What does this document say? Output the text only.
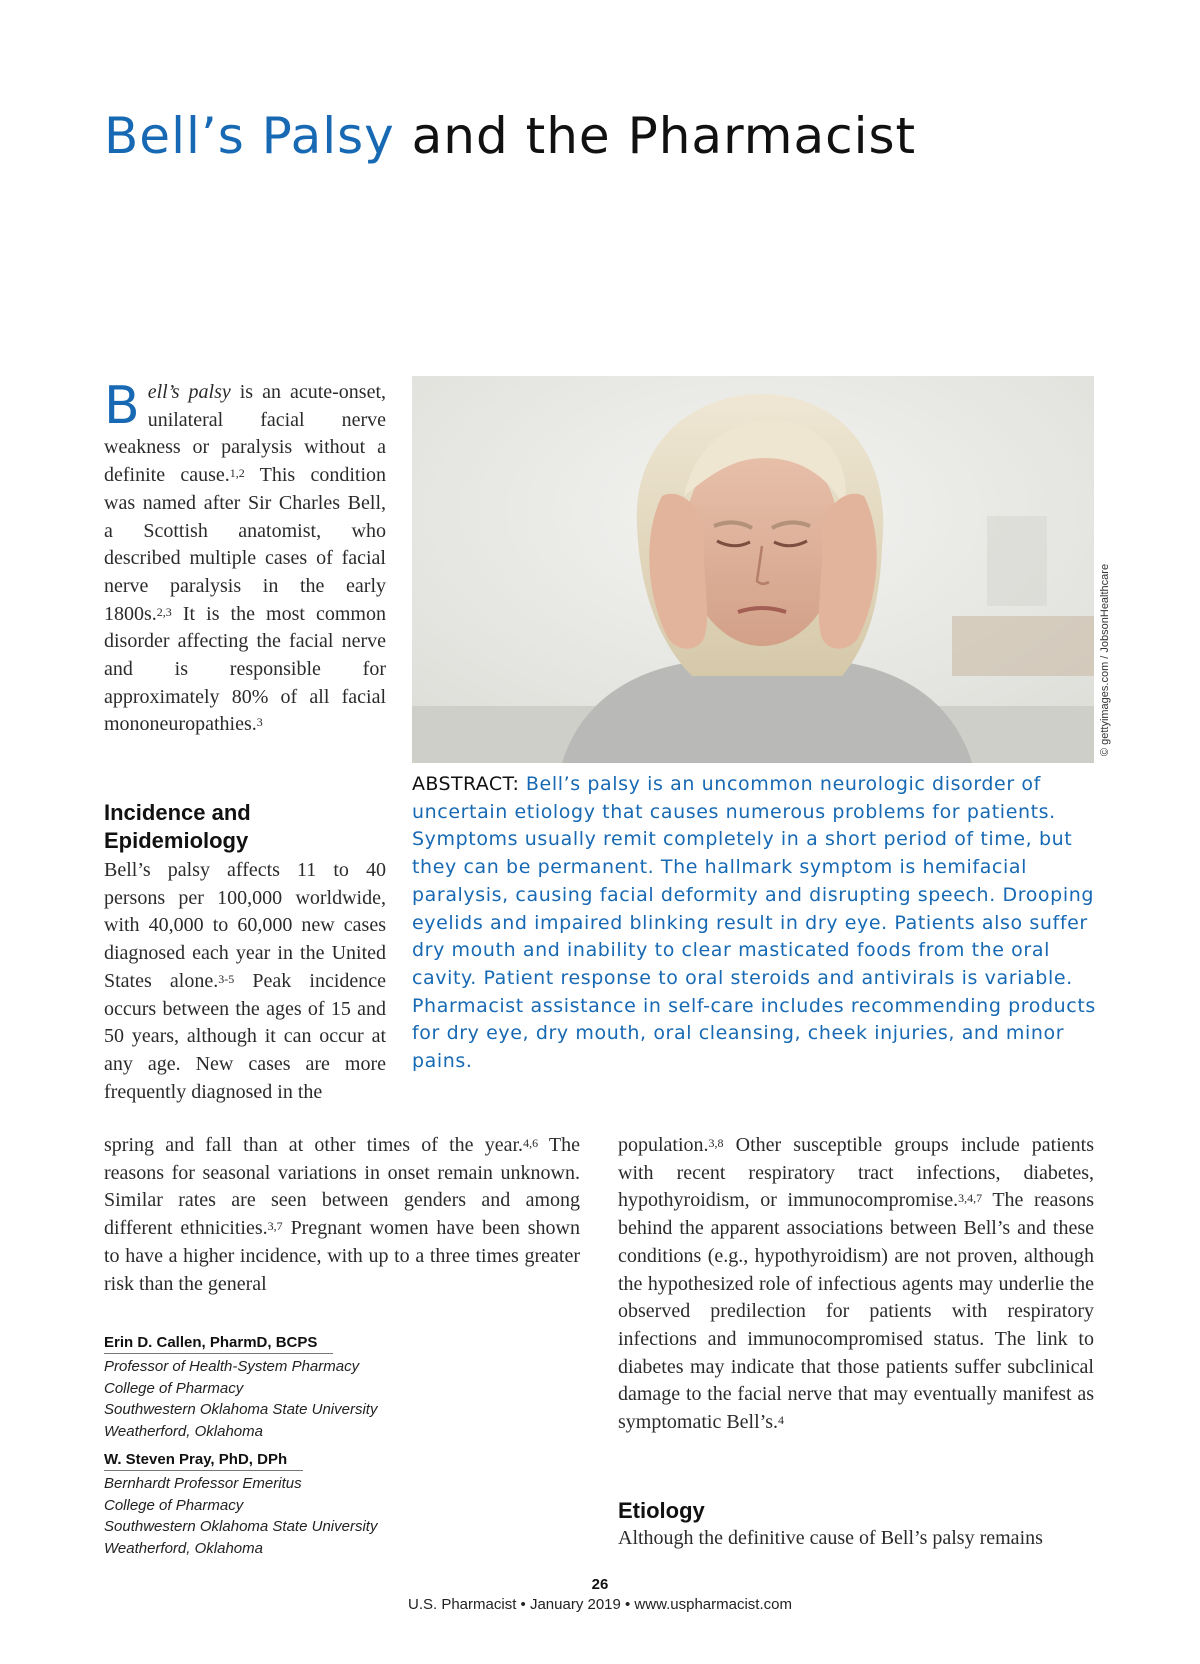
Bell’s Palsy and the Pharmacist

Bell’s palsy is an acute-onset, unilateral facial nerve weakness or paralysis without a definite cause.$^{1,2}$ This condition was named after Sir Charles Bell, a Scottish anatomist, who described multiple cases of facial nerve paralysis in the early 1800s.$^{2,3}$ It is the most common disorder affecting the facial nerve and is responsible for approximately 80% of all facial mononeuropathies.$^3$	© gettyimages.com / JobsonHealthcare

ABSTRACT: Bell’s palsy is an uncommon neurologic disorder of uncertain etiology that causes numerous problems for patients. Symptoms usually remit completely in a short period of time, but they can be permanent. The hallmark symptom is hemifacial paralysis, causing facial deformity and disrupting speech. Drooping eyelids and impaired blinking result in dry eye. Patients also suffer dry mouth and inability to clear masticated foods from the oral cavity. Patient response to oral steroids and antivirals is variable. Pharmacist assistance in self-care includes recommending products for dry eye, dry mouth, oral cleansing, cheek injuries, and minor pains.

Incidence and Epidemiology

Bell’s palsy affects 11 to 40 persons per 100,000 worldwide, with 40,000 to 60,000 new cases diagnosed each year in the United States alone.$^{3-5}$ Peak incidence occurs between the ages of 15 and 50 years, although it can occur at any age. New cases are more frequently diagnosed in the

spring and fall than at other times of the year.$^{4,6}$ The reasons for seasonal variations in onset remain unknown. Similar rates are seen between genders and among different ethnicities.$^{3,7}$ Pregnant women have been shown to have a higher incidence, with up to a three times greater risk than the general

population.$^{3,8}$ Other susceptible groups include patients with recent respiratory tract infections, diabetes, hypothyroidism, or immunocompromise.$^{3,4,7}$ The reasons behind the apparent associations between Bell’s and these conditions (e.g., hypothyroidism) are not proven, although the hypothesized role of infectious agents may underlie the observed predilection for patients with respiratory infections and immunocompromised status. The link to diabetes may indicate that those patients suffer subclinical damage to the facial nerve that may eventually manifest as symptomatic Bell’s.$^4$

Etiology

Although the definitive cause of Bell’s palsy remains

Erin D. Callen, PharmD, BCPS
Professor of Health-System Pharmacy
College of Pharmacy
Southwestern Oklahoma State University
Weatherford, Oklahoma
W. Steven Pray, PhD, DPh
Bernhardt Professor Emeritus
College of Pharmacy
Southwestern Oklahoma State University
Weatherford, Oklahoma
26
U.S. Pharmacist • January 2019 • www.uspharmacist.com
